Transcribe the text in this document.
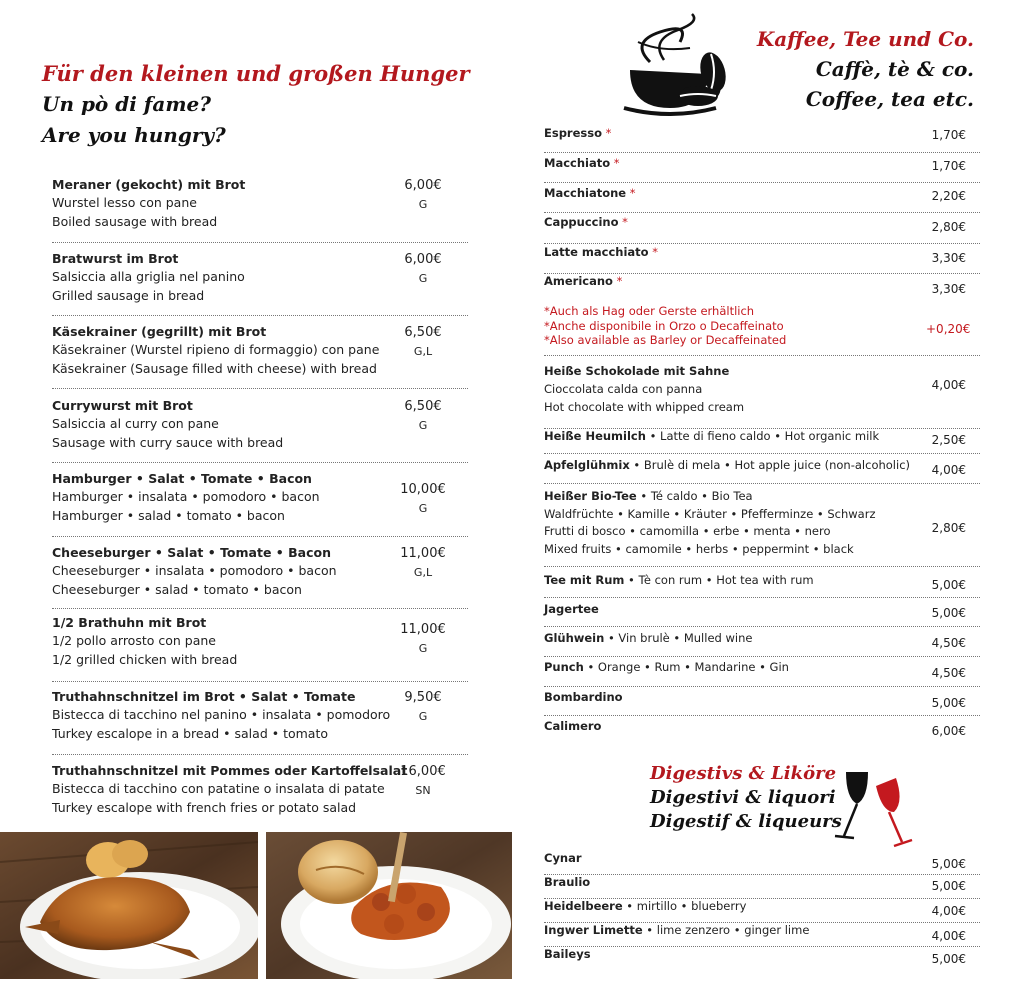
Für den kleinen und großen Hunger
Un pò di fame?
Are you hungry?
Meraner (gekocht) mit Brot
Wurstel lesso con pane
Boiled sausage with bread
6,00€
G
Bratwurst im Brot
Salsiccia alla griglia nel panino
Grilled sausage in bread
6,00€
G
Käsekrainer (gegrillt) mit Brot
Käsekrainer (Wurstel ripieno di formaggio) con pane
Käsekrainer (Sausage filled with cheese) with bread
6,50€
G,L
Currywurst mit Brot
Salsiccia al curry con pane
Sausage with curry sauce with bread
6,50€
G
Hamburger • Salat • Tomate • Bacon
Hamburger • insalata • pomodoro • bacon
Hamburger • salad • tomato • bacon
10,00€
G
Cheeseburger • Salat • Tomate • Bacon
Cheeseburger • insalata • pomodoro • bacon
Cheeseburger • salad • tomato • bacon
11,00€
G,L
1/2 Brathuhn mit Brot
1/2 pollo arrosto con pane
1/2 grilled chicken with bread
11,00€
G
Truthahnschnitzel im Brot • Salat • Tomate
Bistecca di tacchino nel panino • insalata • pomodoro
Turkey escalope in a bread • salad • tomato
9,50€
G
Truthahnschnitzel mit Pommes oder Kartoffelsalat
Bistecca di tacchino con patatine o insalata di patate
Turkey escalope with french fries or potato salad
16,00€
SN
Kaffee, Tee und Co.
Caffè, tè & co.
Coffee, tea etc.
Espresso *	1,70€
Macchiato *	1,70€
Macchiatone *	2,20€
Cappuccino *	2,80€
Latte macchiato *	3,30€
Americano *
3,30€
*Auch als Hag oder Gerste erhältlich
*Anche disponibile in Orzo o Decaffeinato
*Also available as Barley or Decaffeinated
+0,20€
Heiße Schokolade mit Sahne
Cioccolata calda con panna
Hot chocolate with whipped cream
4,00€
Heiße Heumilch • Latte di fieno caldo • Hot organic milk	2,50€
Apfelglühmix • Brulè di mela • Hot apple juice (non-alcoholic) 4,00€
Heißer Bio-Tee • Té caldo • Bio Tea
Waldfrüchte • Kamille • Kräuter • Pfefferminze • Schwarz
Frutti di bosco • camomilla • erbe • menta • nero
Mixed fruits • camomile • herbs • peppermint • black
2,80€
Tee mit Rum • Tè con rum • Hot tea with rum	5,00€
Jagertee	5,00€
Glühwein • Vin brulè • Mulled wine	4,50€
Punch • Orange • Rum • Mandarine • Gin	4,50€
Bombardino	5,00€
Calimero	6,00€
Digestivs & Liköre
Digestivi & liquori
Digestif & liqueurs
Cynar	5,00€
Braulio	5,00€
Heidelbeere • mirtillo • blueberry	4,00€
Ingwer Limette • lime zenzero • ginger lime	4,00€
Baileys	5,00€
